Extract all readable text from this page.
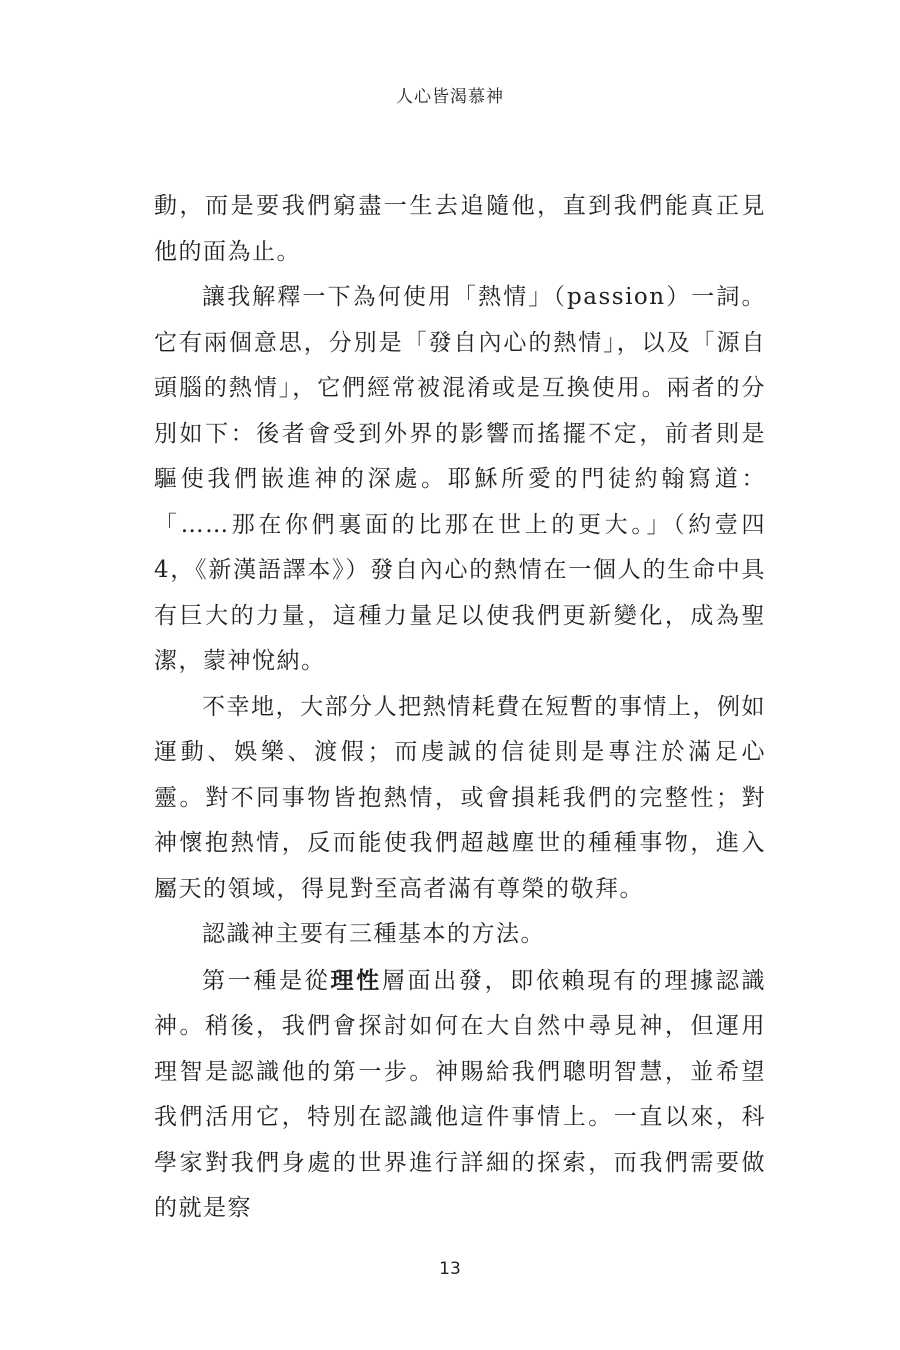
人心皆渴慕神

動，而是要我們窮盡一生去追隨他，直到我們能真正見他的面為止。

讓我解釋一下為何使用「熱情」（passion）一詞。它有兩個意思，分別是「發自內心的熱情」，以及「源自頭腦的熱情」，它們經常被混淆或是互換使用。兩者的分別如下：後者會受到外界的影響而搖擺不定，前者則是驅使我們嵌進神的深處。耶穌所愛的門徒約翰寫道：「……那在你們裏面的比那在世上的更大。」（約壹四 4，《新漢語譯本》）發自內心的熱情在一個人的生命中具有巨大的力量，這種力量足以使我們更新變化，成為聖潔，蒙神悅納。

不幸地，大部分人把熱情耗費在短暫的事情上，例如運動、娛樂、渡假；而虔誠的信徒則是專注於滿足心靈。對不同事物皆抱熱情，或會損耗我們的完整性；對神懷抱熱情，反而能使我們超越塵世的種種事物，進入屬天的領域，得見對至高者滿有尊榮的敬拜。

認識神主要有三種基本的方法。

第一種是從理性層面出發，即依賴現有的理據認識神。稍後，我們會探討如何在大自然中尋見神，但運用理智是認識他的第一步。神賜給我們聰明智慧，並希望我們活用它，特別在認識他這件事情上。一直以來，科學家對我們身處的世界進行詳細的探索，而我們需要做的就是察

13
